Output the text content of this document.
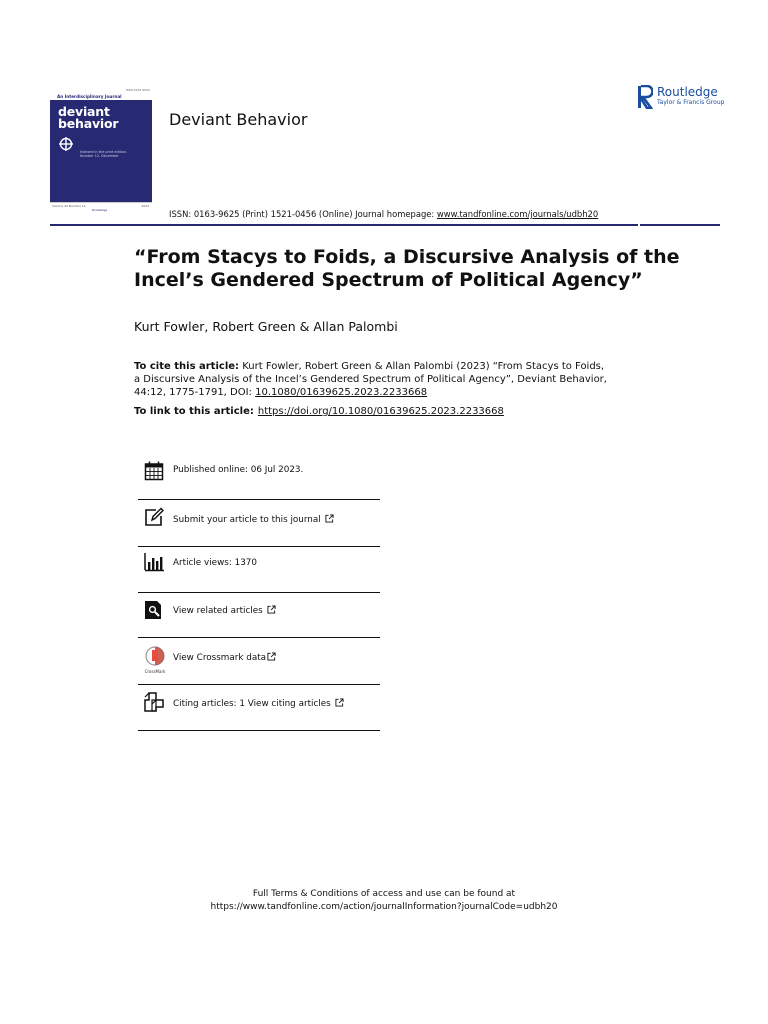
ISSN 0163-9625
An Interdisciplinary Journal
deviant
behavior
Indexed in the print edition. Number 12. December
Volume 44 Number 12
Routledge
2023
Deviant Behavior
ISSN: 0163-9625 (Print) 1521-0456 (Online) Journal homepage: www.tandfonline.com/journals/udbh20
Routledge
Taylor & Francis Group
“From Stacys to Foids, a Discursive Analysis of the
Incel’s Gendered Spectrum of Political Agency”
Kurt Fowler, Robert Green & Allan Palombi
To cite this article: Kurt Fowler, Robert Green & Allan Palombi (2023) “From Stacys to Foids,
a Discursive Analysis of the Incel’s Gendered Spectrum of Political Agency”, Deviant Behavior,
44:12, 1775-1791, DOI: 10.1080/01639625.2023.2233668
To link to this article: https://doi.org/10.1080/01639625.2023.2233668
Published online: 06 Jul 2023.
Submit your article to this journal
Article views: 1370
View related articles
CrossMark
View Crossmark data
Citing articles: 1 View citing articles
Full Terms & Conditions of access and use can be found at
https://www.tandfonline.com/action/journalInformation?journalCode=udbh20
